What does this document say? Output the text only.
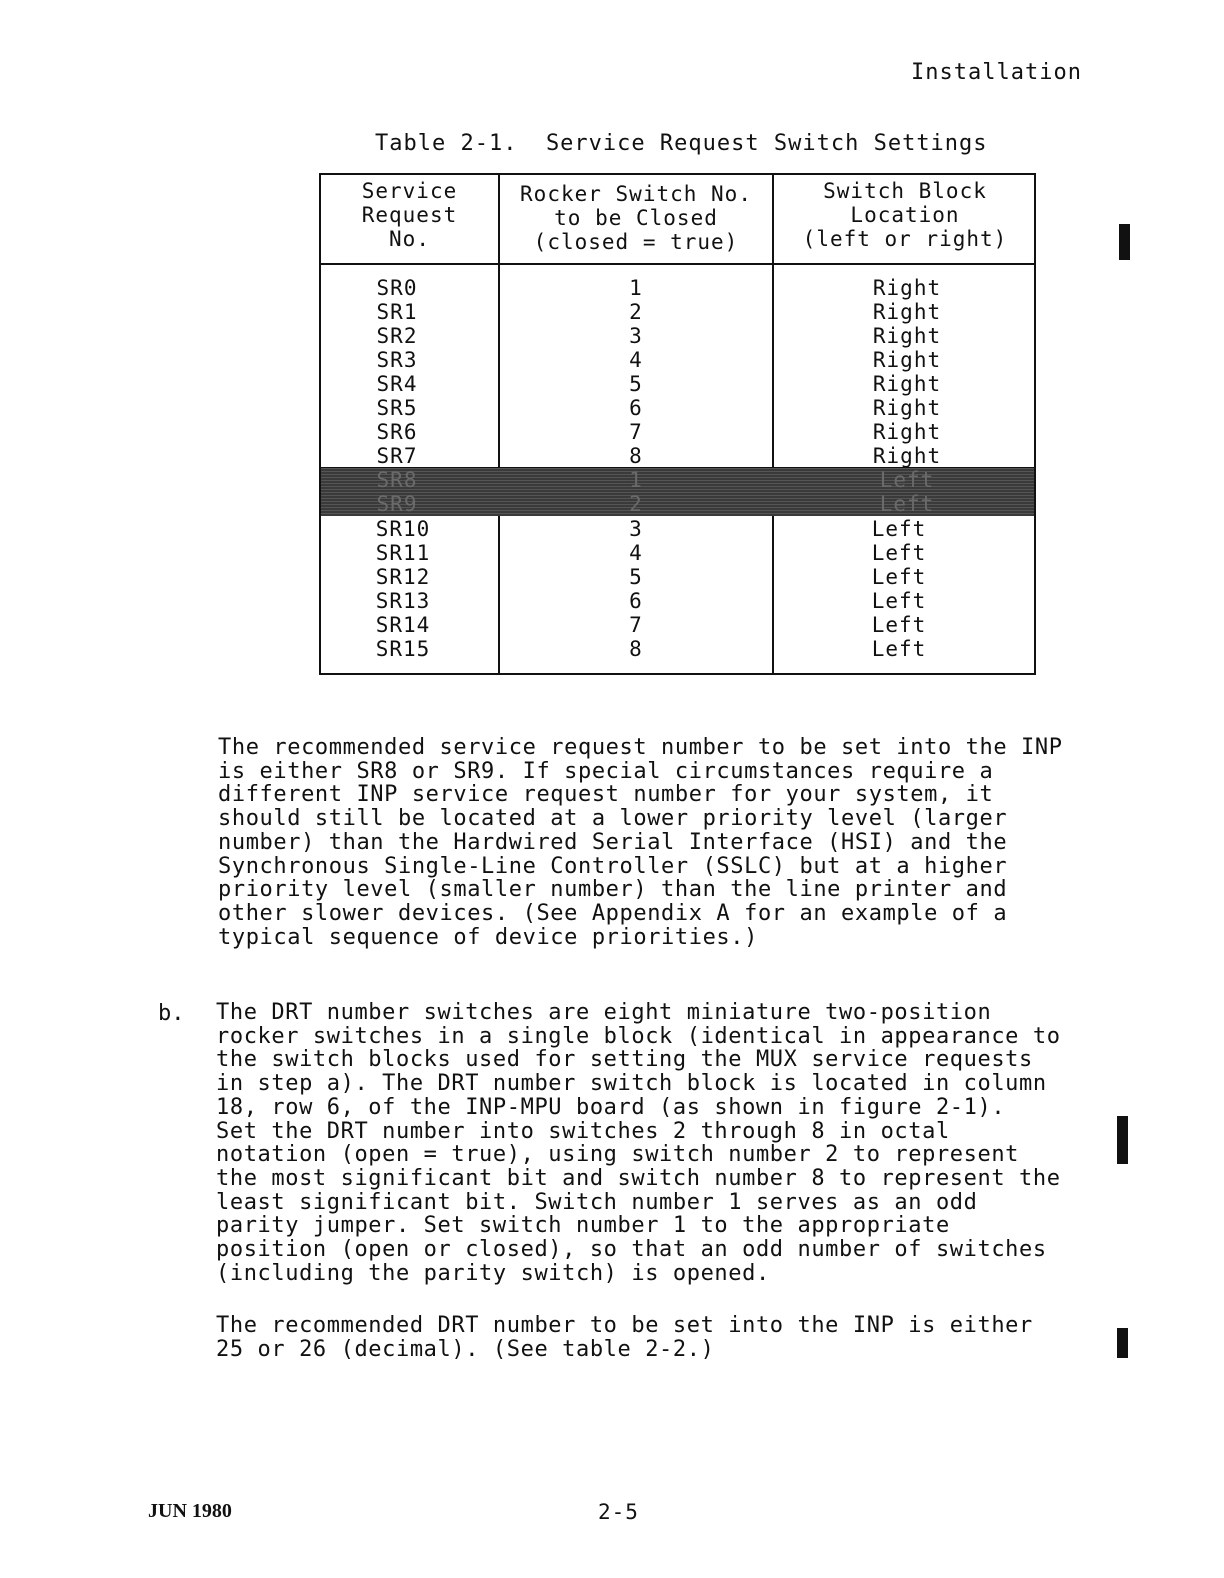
Installation
Table 2-1.  Service Request Switch Settings
Service
Request
No.
Rocker Switch No.
to be Closed
(closed = true)
Switch Block
Location
(left or right)
SR0
SR1
SR2
SR3
SR4
SR5
SR6
SR7
1
2
3
4
5
6
7
8
Right
Right
Right
Right
Right
Right
Right
Right
SR8
SR9
1
2
Left
Left
SR10
SR11
SR12
SR13
SR14
SR15
3
4
5
6
7
8
Left
Left
Left
Left
Left
Left
The recommended service request number to be set into the INP
is either SR8 or SR9. If special circumstances require a
different INP service request number for your system, it
should still be located at a lower priority level (larger
number) than the Hardwired Serial Interface (HSI) and the
Synchronous Single-Line Controller (SSLC) but at a higher
priority level (smaller number) than the line printer and
other slower devices. (See Appendix A for an example of a
typical sequence of device priorities.)
b. The DRT number switches are eight miniature two-position
rocker switches in a single block (identical in appearance to
the switch blocks used for setting the MUX service requests
in step a). The DRT number switch block is located in column
18, row 6, of the INP-MPU board (as shown in figure 2-1).
Set the DRT number into switches 2 through 8 in octal
notation (open = true), using switch number 2 to represent
the most significant bit and switch number 8 to represent the
least significant bit. Switch number 1 serves as an odd
parity jumper. Set switch number 1 to the appropriate
position (open or closed), so that an odd number of switches
(including the parity switch) is opened.
The recommended DRT number to be set into the INP is either
25 or 26 (decimal). (See table 2-2.)
JUN 1980	2-5
